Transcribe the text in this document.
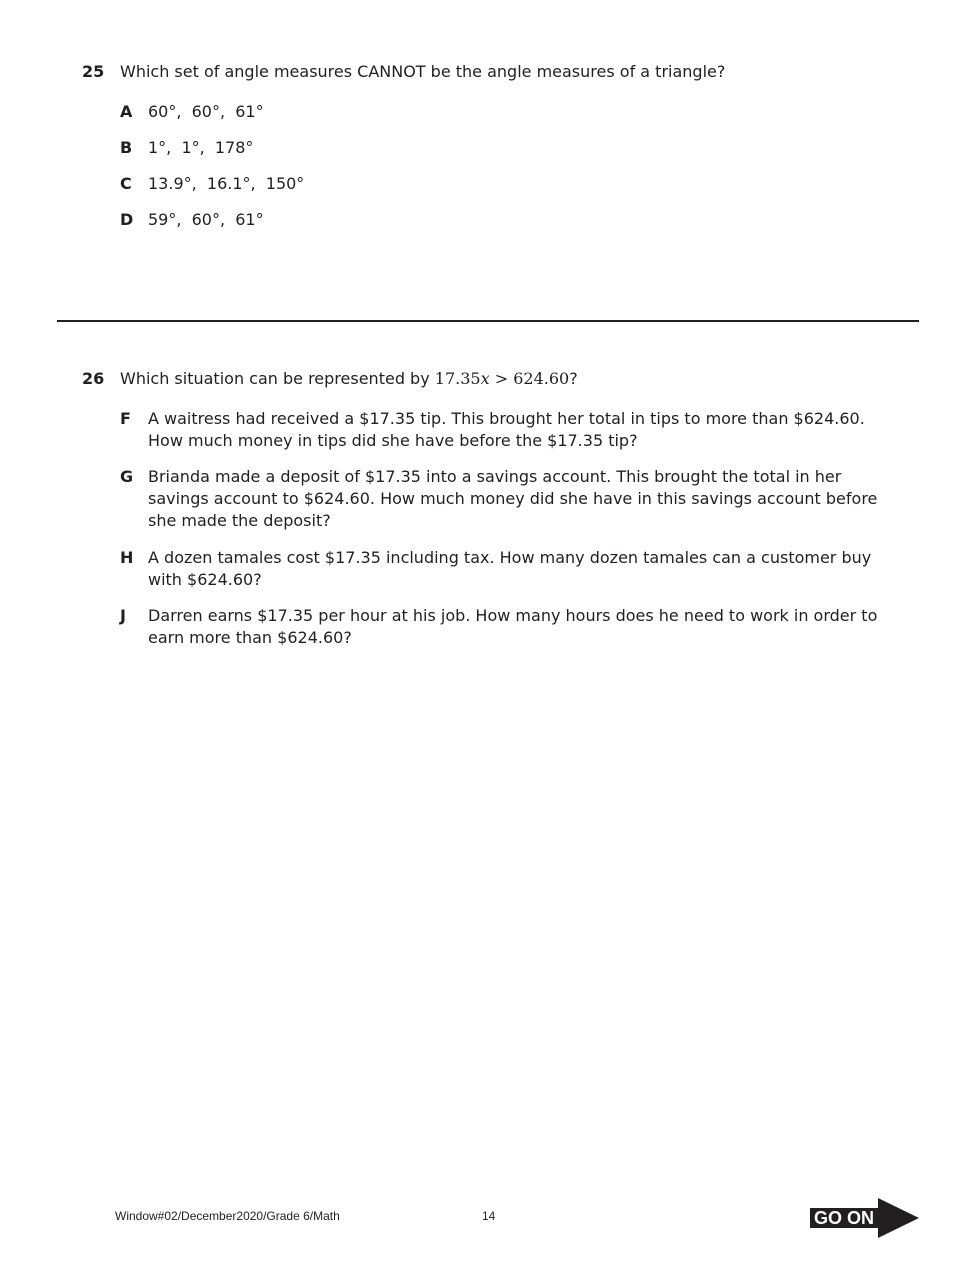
25 Which set of angle measures CANNOT be the angle measures of a triangle?
A 60°,  60°,  61°
B 1°,  1°,  178°
C 13.9°,  16.1°,  150°
D 59°,  60°,  61°
26 Which situation can be represented by 17.35x > 624.60?
F A waitress had received a $17.35 tip. This brought her total in tips to more than $624.60. How much money in tips did she have before the $17.35 tip?
G Brianda made a deposit of $17.35 into a savings account. This brought the total in her savings account to $624.60. How much money did she have in this savings account before she made the deposit?
H A dozen tamales cost $17.35 including tax. How many dozen tamales can a customer buy with $624.60?
J Darren earns $17.35 per hour at his job. How many hours does he need to work in order to earn more than $624.60?
Window#02/December2020/Grade 6/Math	14	GO ON
